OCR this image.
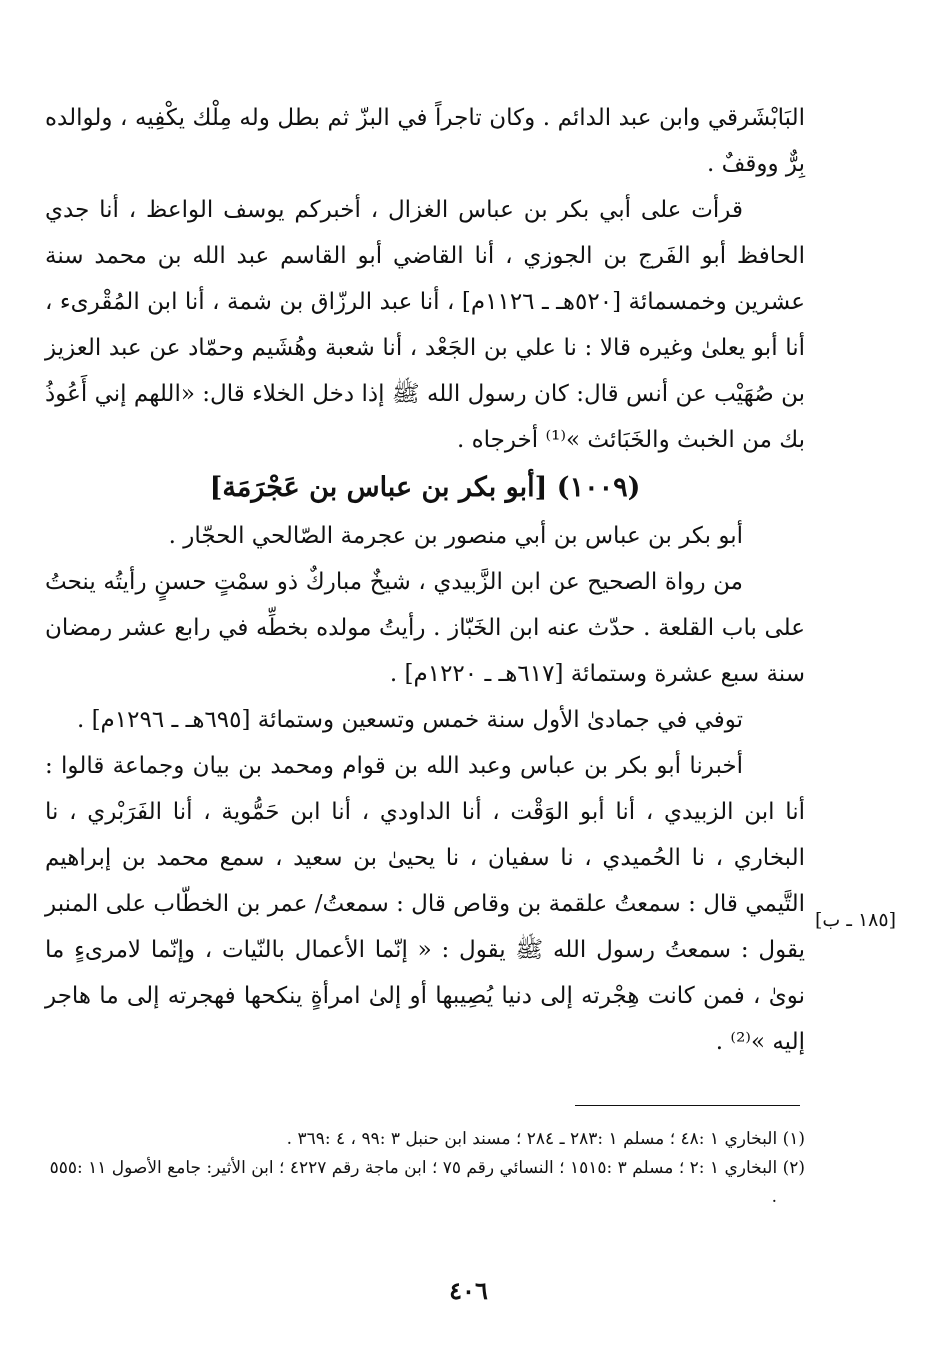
البَابْشَرقي وابن عبد الدائم . وكان تاجراً في البزّ ثم بطل وله مِلْك يكْفِيه ، ولوالده بِرٌّ ووقفٌ .

قرأت على أبي بكر بن عباس الغزال ، أخبركم يوسف الواعظ ، أنا جدي الحافظ أبو الفَرج بن الجوزي ، أنا القاضي أبو القاسم عبد الله بن محمد سنة عشرين وخمسمائة [٥٢٠هـ ـ ١١٢٦م] ، أنا عبد الرزّاق بن شمة ، أنا ابن المُقْرىء ، أنا أبو يعلىٰ وغيره قالا : نا علي بن الجَعْد ، أنا شعبة وهُشَيم وحمّاد عن عبد العزيز بن صُهَيْب عن أنس قال: كان رسول الله ﷺ إذا دخل الخلاء قال: «اللهم إني أَعُوذُ بك من الخبث والخَبَائث »⁽¹⁾ أخرجاه .

(١٠٠٩) [أبو بكر بن عباس بن عَجْرَمَة]

أبو بكر بن عباس بن أبي منصور بن عجرمة الصّالحي الحجّار .

من رواة الصحيح عن ابن الزَّبيدي ، شيخٌ مباركٌ ذو سمْتٍ حسنٍ رأيتُه ينحتُ على باب القلعة . حدّث عنه ابن الخَبّاز . رأيتُ مولده بخطِّه في رابع عشر رمضان سنة سبع عشرة وستمائة [٦١٧هـ ـ ١٢٢٠م] .

توفي في جمادىٰ الأول سنة خمس وتسعين وستمائة [٦٩٥هـ ـ ١٢٩٦م] .

أخبرنا أبو بكر بن عباس وعبد الله بن قوام ومحمد بن بيان وجماعة قالوا : أنا ابن الزبيدي ، أنا أبو الوَقْت ، أنا الداودي ، أنا ابن حَمُّوية ، أنا الفَرَبْري ، نا البخاري ، نا الحُميدي ، نا سفيان ، نا يحيىٰ بن سعيد ، سمع محمد بن إبراهيم التَّيمي قال : سمعتُ علقمة بن وقاص قال : سمعتُ/ عمر بن الخطّاب على المنبر يقول : سمعتُ رسول الله ﷺ يقول : « إنّما الأعمال بالنّيات ، وإنّما لامرىءٍ ما نوىٰ ، فمن كانت هِجْرته إلى دنيا يُصِيبها أو إلىٰ امرأةٍ ينكحها فهجرته إلى ما هاجر إليه »⁽²⁾ .

[١٨٥ ـ ب]

(١) البخاري ١ :٤٨ ؛ مسلم ١ :٢٨٣ ـ ٢٨٤ ؛ مسند ابن حنبل ٣ :٩٩ ، ٤ :٣٦٩ .

(٢) البخاري ١ :٢ ؛ مسلم ٣ :١٥١٥ ؛ النسائي رقم ٧٥ ؛ ابن ماجة رقم ٤٢٢٧ ؛ ابن الأثير: جامع الأصول ١١ :٥٥٥ .

٤٠٦
